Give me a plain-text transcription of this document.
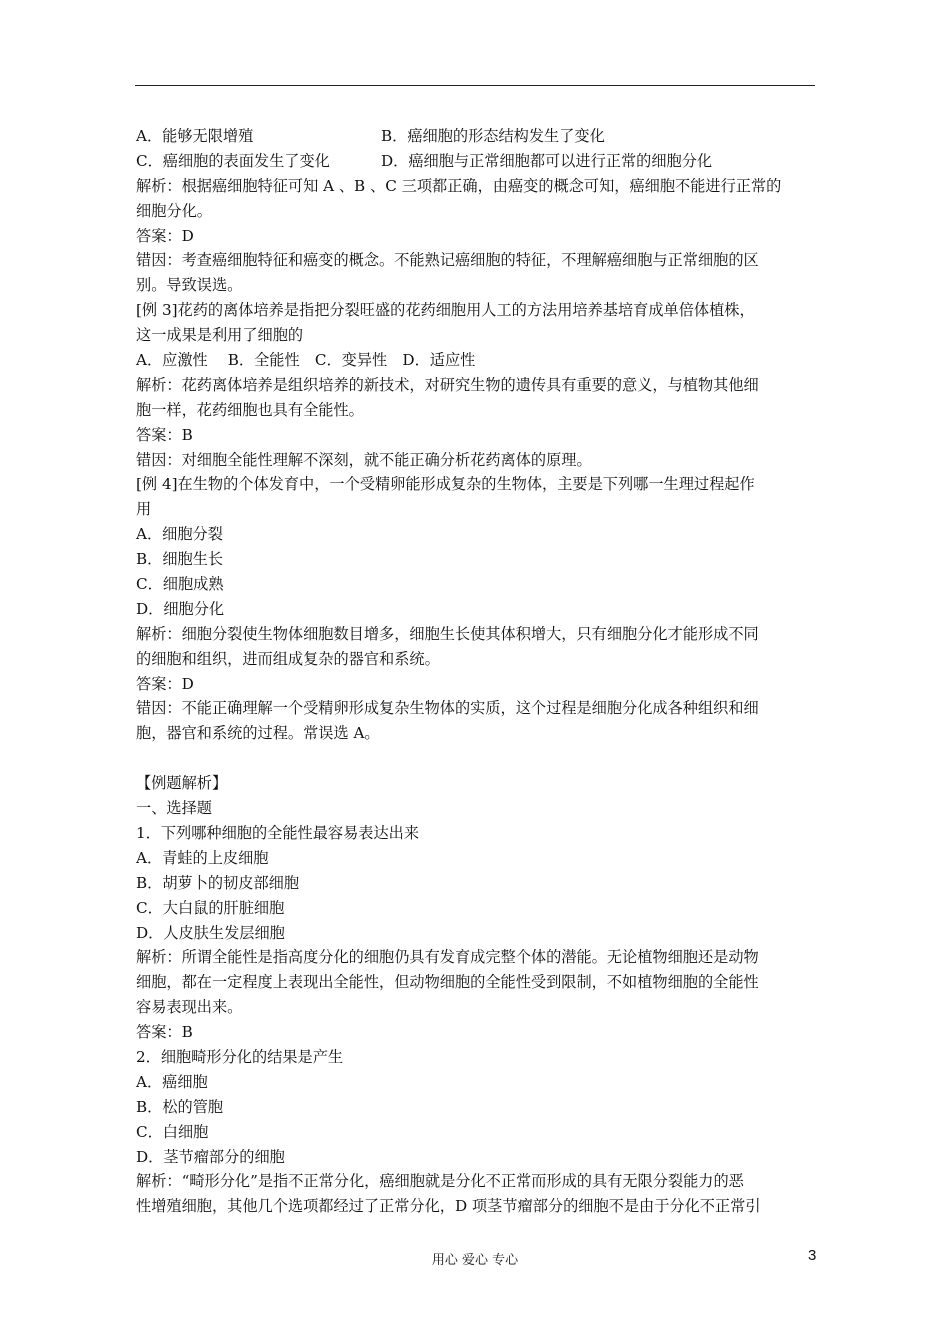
A．能够无限增殖	B．癌细胞的形态结构发生了变化
C．癌细胞的表面发生了变化	D．癌细胞与正常细胞都可以进行正常的细胞分化
解析：根据癌细胞特征可知 A 、B 、C 三项都正确，由癌变的概念可知，癌细胞不能进行正常的
细胞分化。
答案：D
错因：考查癌细胞特征和癌变的概念。不能熟记癌细胞的特征，不理解癌细胞与正常细胞的区
别。导致误选。
[例 3]花药的离体培养是指把分裂旺盛的花药细胞用人工的方法用培养基培育成单倍体植株，
这一成果是利用了细胞的
A．应激性　 B．全能性　C．变异性　D．适应性
解析：花药离体培养是组织培养的新技术，对研究生物的遗传具有重要的意义，与植物其他细
胞一样，花药细胞也具有全能性。
答案：B
错因：对细胞全能性理解不深刻，就不能正确分析花药离体的原理。
[例 4]在生物的个体发育中，一个受精卵能形成复杂的生物体，主要是下列哪一生理过程起作
用
A．细胞分裂
B．细胞生长
C．细胞成熟
D．细胞分化
解析：细胞分裂使生物体细胞数目增多，细胞生长使其体积增大，只有细胞分化才能形成不同
的细胞和组织，进而组成复杂的器官和系统。
答案：D
错因：不能正确理解一个受精卵形成复杂生物体的实质，这个过程是细胞分化成各种组织和细
胞，器官和系统的过程。常误选 A。
【例题解析】
一、选择题
1．下列哪种细胞的全能性最容易表达出来
A．青蛙的上皮细胞
B．胡萝卜的韧皮部细胞
C．大白鼠的肝脏细胞
D．人皮肤生发层细胞
解析：所谓全能性是指高度分化的细胞仍具有发育成完整个体的潜能。无论植物细胞还是动物
细胞，都在一定程度上表现出全能性，但动物细胞的全能性受到限制，不如植物细胞的全能性
容易表现出来。
答案：B
2．细胞畸形分化的结果是产生
A．癌细胞
B．松的管胞
C．白细胞
D．茎节瘤部分的细胞
解析：“畸形分化”是指不正常分化，癌细胞就是分化不正常而形成的具有无限分裂能力的恶
性增殖细胞，其他几个选项都经过了正常分化，D 项茎节瘤部分的细胞不是由于分化不正常引
用心 爱心 专心	3
